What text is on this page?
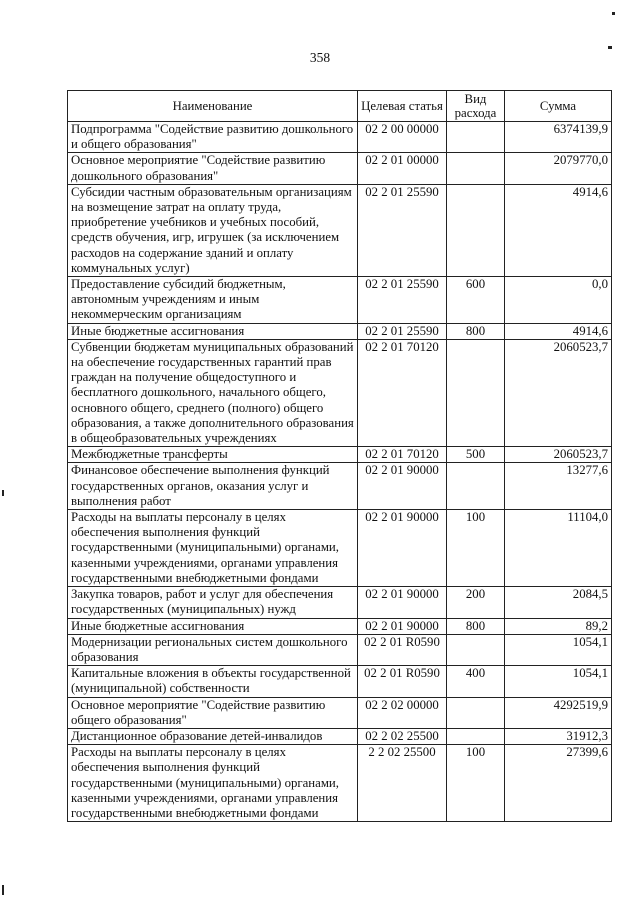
358
Наименование	Целевая статья	Вид расхода	Сумма
Подпрограмма "Содействие развитию дошкольного и общего образования"	02 2 00 00000		6374139,9
Основное мероприятие "Содействие развитию дошкольного образования"	02 2 01 00000		2079770,0
Субсидии частным образовательным организациям на возмещение затрат на оплату труда, приобретение учебников и учебных пособий, средств обучения, игр, игрушек (за исключением расходов на содержание зданий и оплату коммунальных услуг)	02 2 01 25590		4914,6
Предоставление субсидий бюджетным, автономным учреждениям и иным некоммерческим организациям	02 2 01 25590	600	0,0
Иные бюджетные ассигнования	02 2 01 25590	800	4914,6
Субвенции бюджетам муниципальных образований на обеспечение государственных гарантий прав граждан на получение общедоступного и бесплатного дошкольного, начального общего, основного общего, среднего (полного) общего образования, а также дополнительного образования в общеобразовательных учреждениях	02 2 01 70120		2060523,7
Межбюджетные трансферты	02 2 01 70120	500	2060523,7
Финансовое обеспечение выполнения функций государственных органов, оказания услуг и выполнения работ	02 2 01 90000		13277,6
Расходы на выплаты персоналу в целях обеспечения выполнения функций государственными (муниципальными) органами, казенными учреждениями, органами управления государственными внебюджетными фондами	02 2 01 90000	100	11104,0
Закупка товаров, работ и услуг для обеспечения государственных (муниципальных) нужд	02 2 01 90000	200	2084,5
Иные бюджетные ассигнования	02 2 01 90000	800	89,2
Модернизации региональных систем дошкольного образования	02 2 01 R0590		1054,1
Капитальные вложения в объекты государственной (муниципальной) собственности	02 2 01 R0590	400	1054,1
Основное мероприятие "Содействие развитию общего образования"	02 2 02 00000		4292519,9
Дистанционное образование детей-инвалидов	02 2 02 25500		31912,3
Расходы на выплаты персоналу в целях обеспечения выполнения функций государственными (муниципальными) органами, казенными учреждениями, органами управления государственными внебюджетными фондами	2 2 02 25500	100	27399,6
